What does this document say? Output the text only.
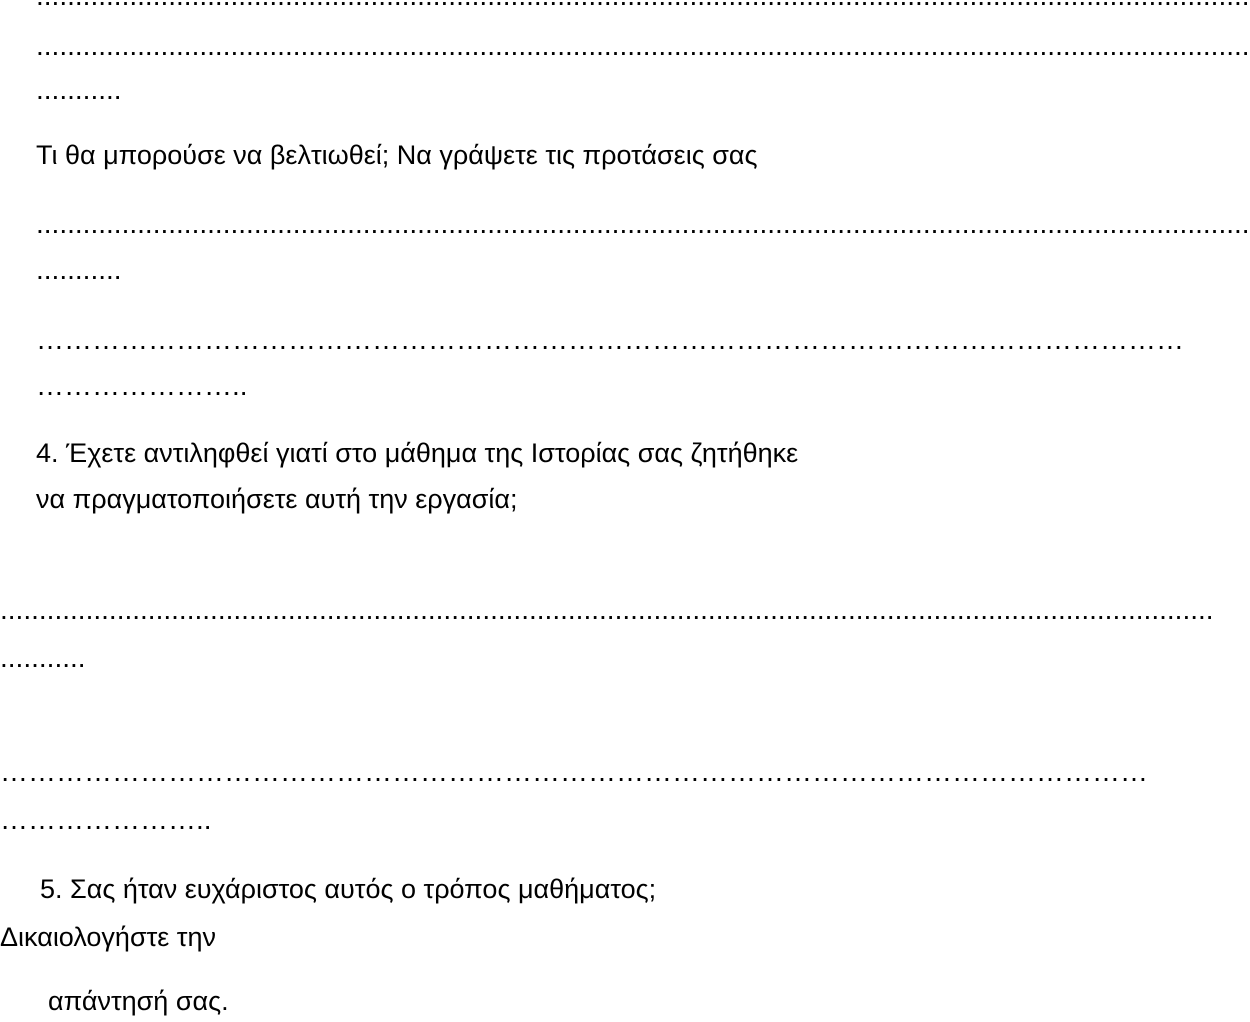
............................................................................................................................................................
...........
Τι θα μπορούσε να βελτιωθεί; Να γράψετε τις προτάσεις σας
............................................................................................................................................................
...........
……………………………………………………………………………………………………………
…………………..
4. Έχετε αντιληφθεί γιατί στο μάθημα της Ιστορίας σας ζητήθηκε
να πραγματοποιήσετε αυτή την εργασία;
............................................................................................................................................................
...........
……………………………………………………………………………………………………………
…………………..
5. Σας ήταν ευχάριστος αυτός ο τρόπος μαθήματος;
Δικαιολογήστε την
απάντησή σας.
